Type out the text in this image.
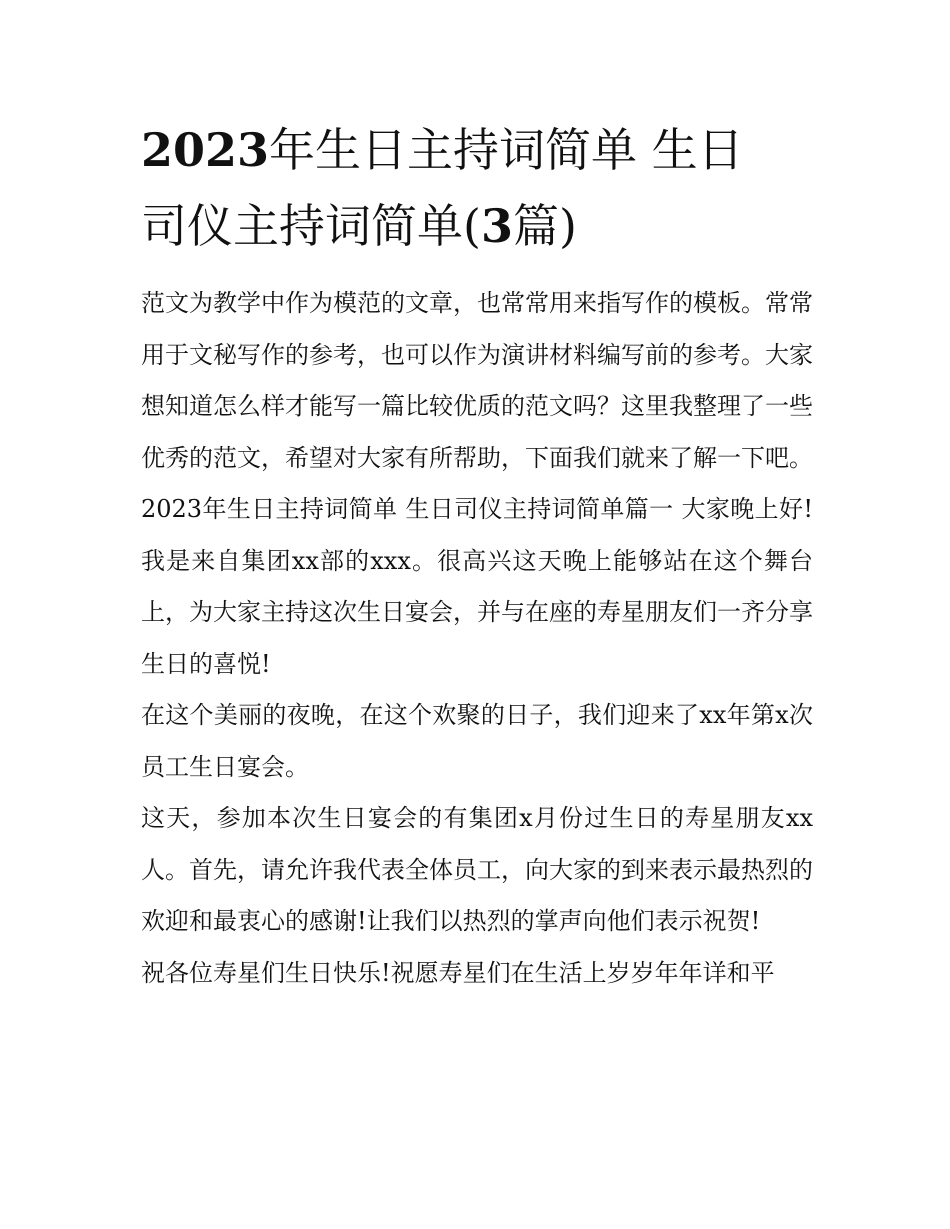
2023年生日主持词简单 生日
司仪主持词简单(3篇)

范文为教学中作为模范的文章，也常常用来指写作的模板。常常用于文秘写作的参考，也可以作为演讲材料编写前的参考。大家想知道怎么样才能写一篇比较优质的范文吗？这里我整理了一些优秀的范文，希望对大家有所帮助，下面我们就来了解一下吧。

2023年生日主持词简单 生日司仪主持词简单篇一 大家晚上好!我是来自集团xx部的xxx。很高兴这天晚上能够站在这个舞台上，为大家主持这次生日宴会，并与在座的寿星朋友们一齐分享生日的喜悦!

在这个美丽的夜晚，在这个欢聚的日子，我们迎来了xx年第x次员工生日宴会。

这天，参加本次生日宴会的有集团x月份过生日的寿星朋友xx人。首先，请允许我代表全体员工，向大家的到来表示最热烈的欢迎和最衷心的感谢!让我们以热烈的掌声向他们表示祝贺!

祝各位寿星们生日快乐!祝愿寿星们在生活上岁岁年年详和平
